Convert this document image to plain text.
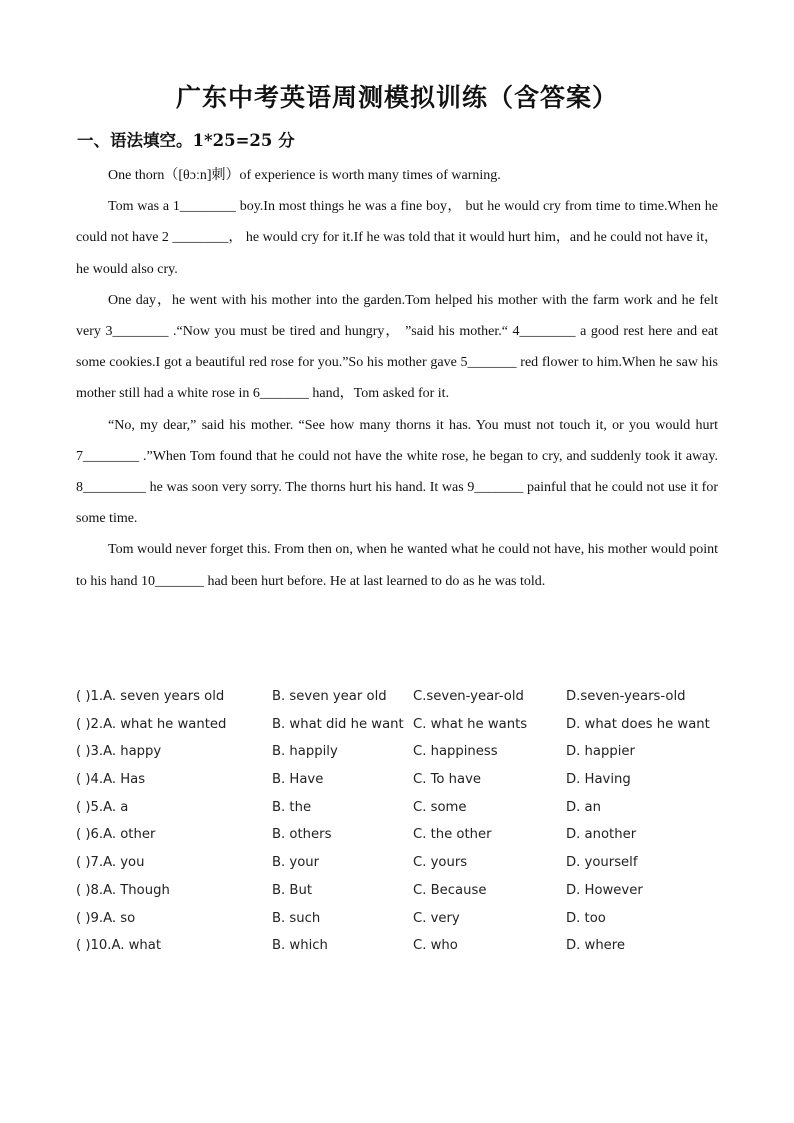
广东中考英语周测模拟训练（含答案）
一、语法填空。1*25=25 分

One thorn（[θɔːn]刺）of experience is worth many times of warning.

Tom was a 1________ boy.In most things he was a fine boy， but he would cry from time to time.When he could not have 2 ________， he would cry for it.If he was told that it would hurt him，and he could not have it， he would also cry.

One day，he went with his mother into the garden.Tom helped his mother with the farm work and he felt very 3________ .“Now you must be tired and hungry， ”said his mother.“ 4________ a good rest here and eat some cookies.I got a beautiful red rose for you.”So his mother gave 5_______ red flower to him.When he saw his mother still had a white rose in 6_______ hand，Tom asked for it.

“No, my dear,” said his mother. “See how many thorns it has. You must not touch it, or you would hurt 7________ .”When Tom found that he could not have the white rose, he began to cry, and suddenly took it away. 8_________ he was soon very sorry. The thorns hurt his hand. It was 9_______ painful that he could not use it for some time.

Tom would never forget this. From then on, when he wanted what he could not have, his mother would point to his hand 10_______ had been hurt before. He at last learned to do as he was told.

( )1.A. seven years old	B. seven year old C.seven-year-old	D.seven-years-old
( )2.A. what he wanted	B. what did he want C. what he wants	D. what does he want
( )3.A. happy	B. happily	C. happiness	D. happier
( )4.A. Has	B. Have	C. To have	D. Having
( )5.A. a	B. the	C. some	D. an
( )6.A. other	B. others	C. the other	D. another
( )7.A. you	B. your	C. yours	D. yourself
( )8.A. Though	B. But	C. Because	D. However
( )9.A. so	B. such	C. very	D. too
( )10.A. what	B. which	C. who	D. where
